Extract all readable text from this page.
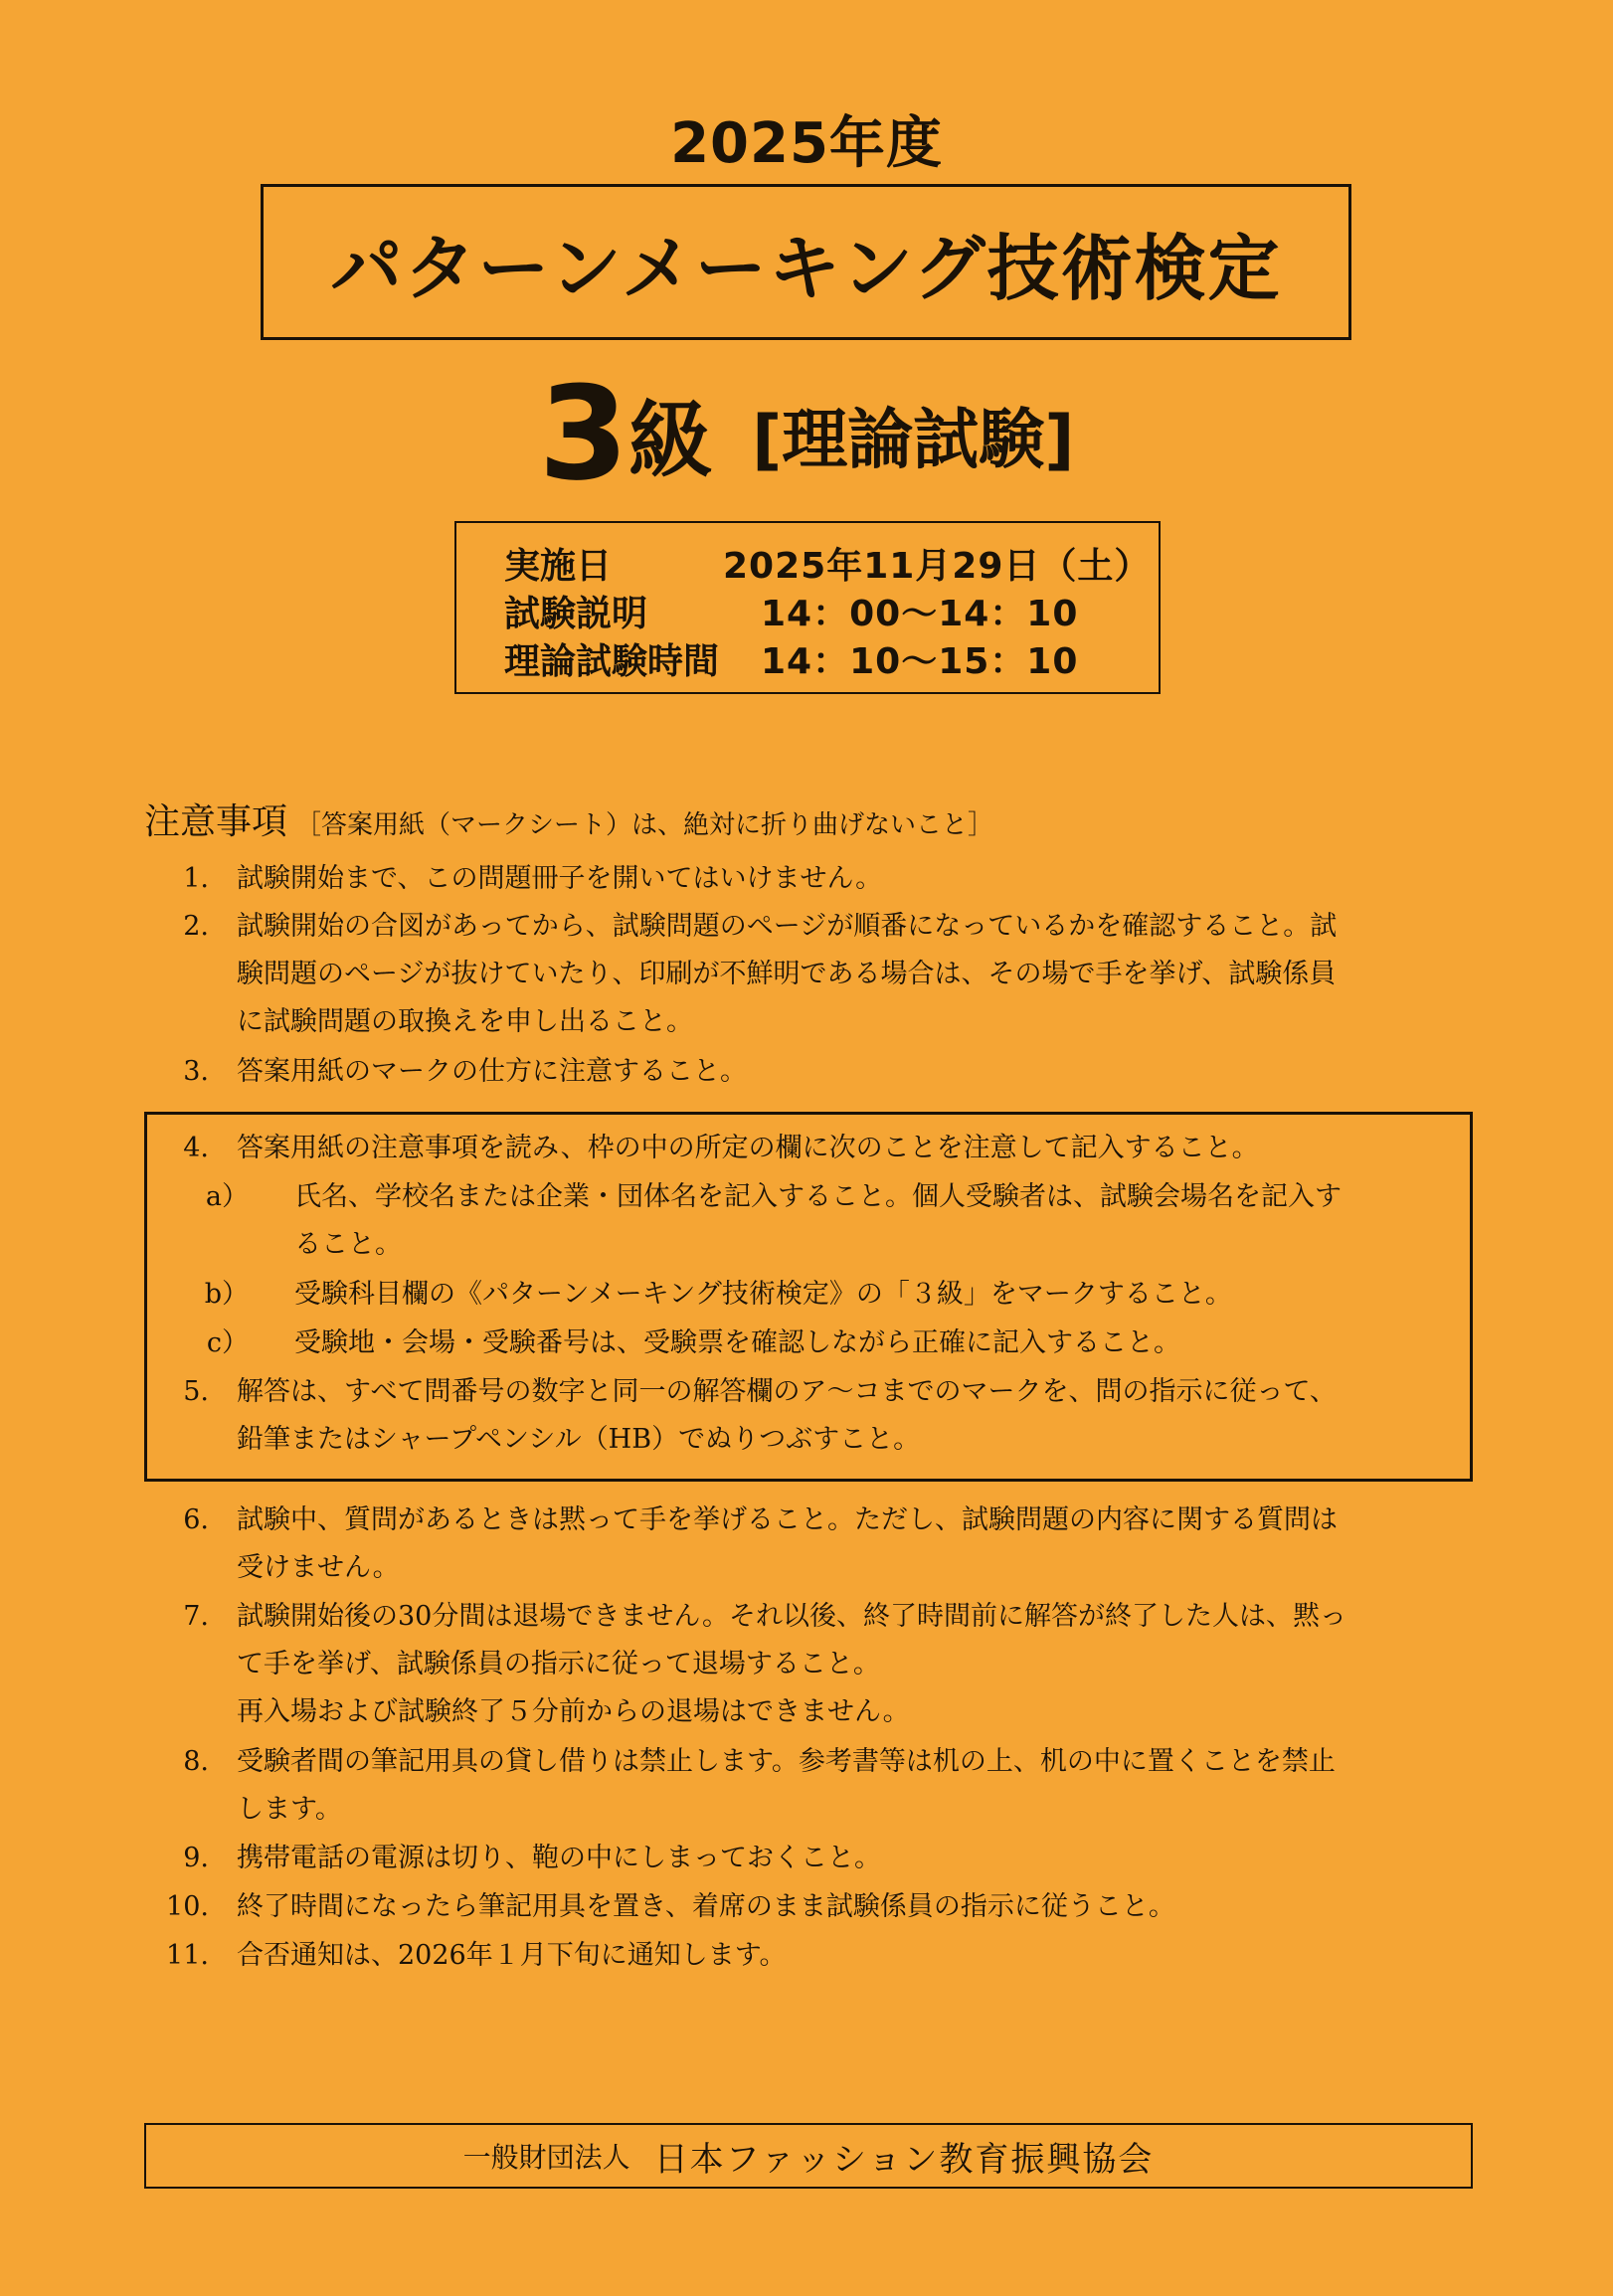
2025年度
パターンメーキング技術検定
3級 [理論試験]
実施日	2025年11月29日（土）
試験説明	14：00～14：10
理論試験時間	14：10～15：10
注意事項 ［答案用紙（マークシート）は、絶対に折り曲げないこと］
1. 試験開始まで、この問題冊子を開いてはいけません。
2. 試験開始の合図があってから、試験問題のページが順番になっているかを確認すること。試
験問題のページが抜けていたり、印刷が不鮮明である場合は、その場で手を挙げ、試験係員
に試験問題の取換えを申し出ること。
3. 答案用紙のマークの仕方に注意すること。
4. 答案用紙の注意事項を読み、枠の中の所定の欄に次のことを注意して記入すること。
a） 氏名、学校名または企業・団体名を記入すること。個人受験者は、試験会場名を記入す
ること。
b） 受験科目欄の《パターンメーキング技術検定》の「３級」をマークすること。
c） 受験地・会場・受験番号は、受験票を確認しながら正確に記入すること。
5. 解答は、すべて問番号の数字と同一の解答欄のア～コまでのマークを、問の指示に従って、
鉛筆またはシャープペンシル（HB）でぬりつぶすこと。
6. 試験中、質問があるときは黙って手を挙げること。ただし、試験問題の内容に関する質問は
受けません。
7. 試験開始後の30分間は退場できません。それ以後、終了時間前に解答が終了した人は、黙っ
て手を挙げ、試験係員の指示に従って退場すること。
再入場および試験終了５分前からの退場はできません。
8. 受験者間の筆記用具の貸し借りは禁止します。参考書等は机の上、机の中に置くことを禁止
します。
9. 携帯電話の電源は切り、鞄の中にしまっておくこと。
10. 終了時間になったら筆記用具を置き、着席のまま試験係員の指示に従うこと。
11. 合否通知は、2026年１月下旬に通知します。
一般財団法人 日本ファッション教育振興協会
